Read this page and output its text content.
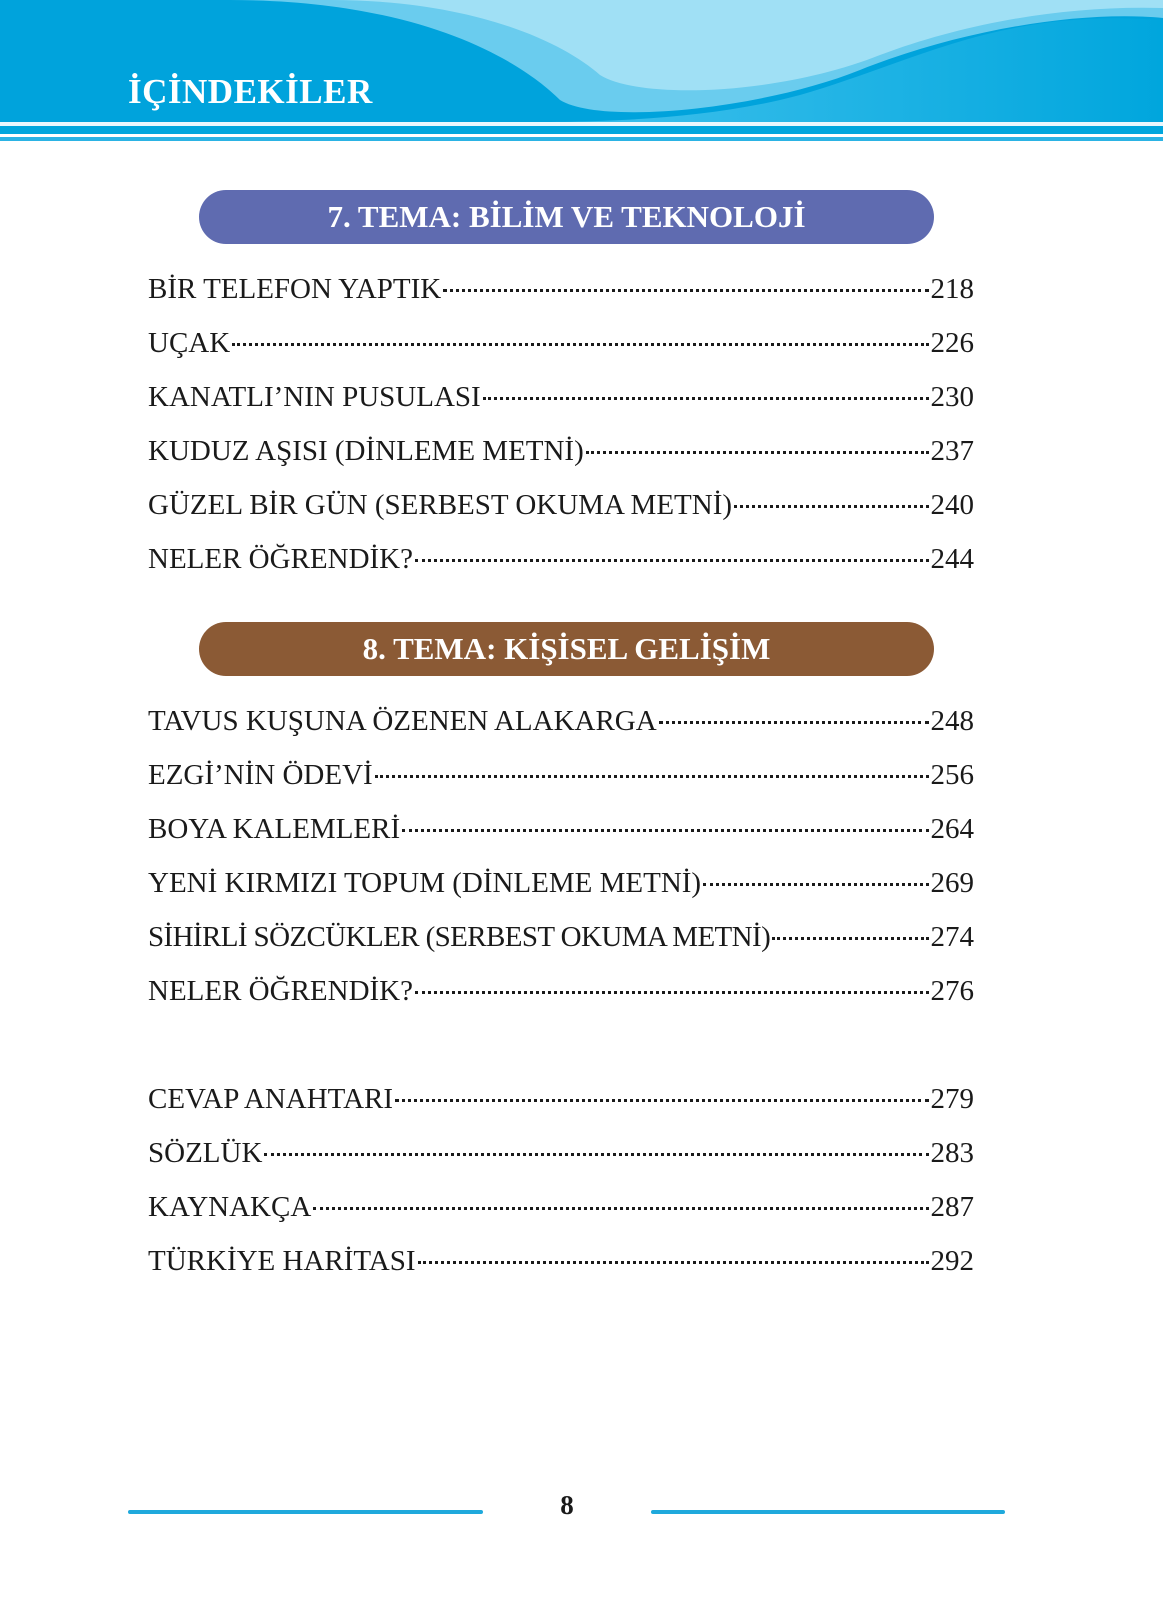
İÇİNDEKİLER
7. TEMA: BİLİM VE TEKNOLOJİ
BİR TELEFON YAPTIK	218
UÇAK	226
KANATLI’NIN PUSULASI	230
KUDUZ AŞISI (DİNLEME METNİ)	237
GÜZEL BİR GÜN (SERBEST OKUMA METNİ)	240
NELER ÖĞRENDİK?	244
8. TEMA: KİŞİSEL GELİŞİM
TAVUS KUŞUNA ÖZENEN ALAKARGA	248
EZGİ’NİN ÖDEVİ	256
BOYA KALEMLERİ	264
YENİ KIRMIZI TOPUM (DİNLEME METNİ)	269
SİHİRLİ SÖZCÜKLER (SERBEST OKUMA METNİ)	274
NELER ÖĞRENDİK?	276
CEVAP ANAHTARI	279
SÖZLÜK	283
KAYNAKÇA	287
TÜRKİYE HARİTASI	292
8
